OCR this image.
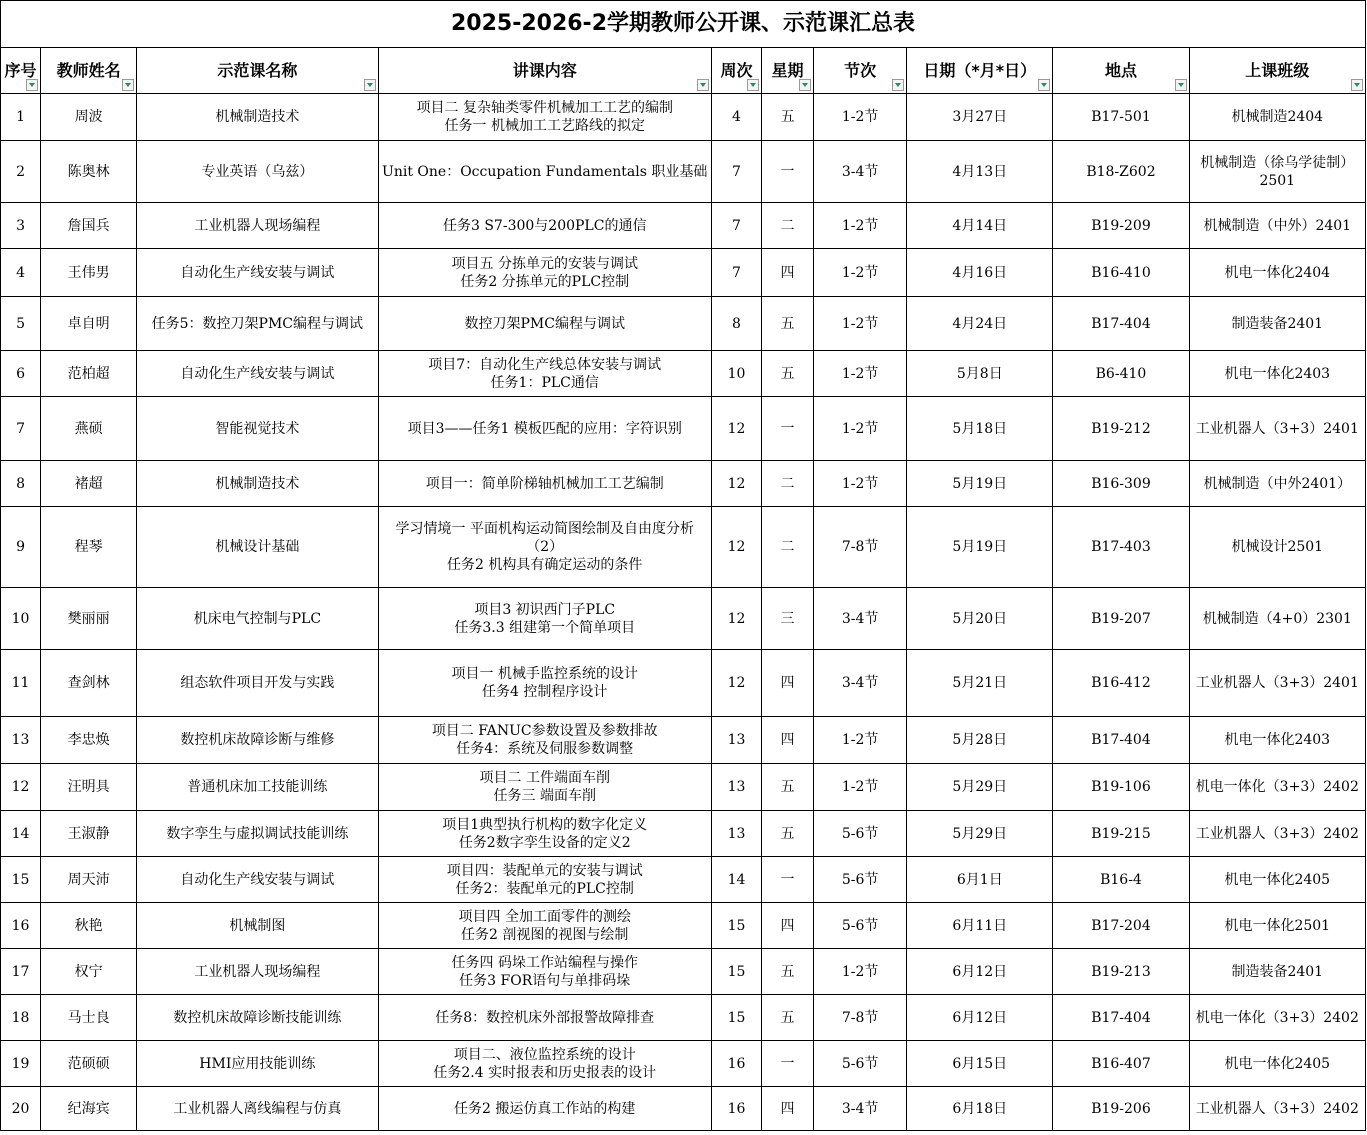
2025-2026-2学期教师公开课、示范课汇总表									
序号	教师姓名	示范课名称	讲课内容	周次	星期	节次	日期（*月*日）	地点	上课班级

1	周波	机械制造技术	项目二 复杂轴类零件机械加工工艺的编制
任务一 机械加工工艺路线的拟定	4	五	1-2节	3月27日	B17-501	机械制造2404
2	陈奥林	专业英语（乌兹）	Unit One：Occupation Fundamentals 职业基础	7	一	3-4节	4月13日	B18-Z602	机械制造（徐乌学徒制）2501
3	詹国兵	工业机器人现场编程	任务3 S7-300与200PLC的通信	7	二	1-2节	4月14日	B19-209	机械制造（中外）2401
4	王伟男	自动化生产线安装与调试	项目五 分拣单元的安装与调试
任务2 分拣单元的PLC控制	7	四	1-2节	4月16日	B16-410	机电一体化2404
5	卓自明	任务5：数控刀架PMC编程与调试	数控刀架PMC编程与调试	8	五	1-2节	4月24日	B17-404	制造装备2401
6	范柏超	自动化生产线安装与调试	项目7：自动化生产线总体安装与调试
任务1：PLC通信	10	五	1-2节	5月8日	B6-410	机电一体化2403
7	燕硕	智能视觉技术	项目3——任务1 模板匹配的应用：字符识别	12	一	1-2节	5月18日	B19-212	工业机器人（3+3）2401
8	褚超	机械制造技术	项目一：简单阶梯轴机械加工工艺编制	12	二	1-2节	5月19日	B16-309	机械制造（中外2401）
9	程琴	机械设计基础	学习情境一 平面机构运动简图绘制及自由度分析（2）
任务2 机构具有确定运动的条件	12	二	7-8节	5月19日	B17-403	机械设计2501
10	樊丽丽	机床电气控制与PLC	项目3 初识西门子PLC
任务3.3 组建第一个简单项目	12	三	3-4节	5月20日	B19-207	机械制造（4+0）2301
11	查剑林	组态软件项目开发与实践	项目一 机械手监控系统的设计
任务4 控制程序设计	12	四	3-4节	5月21日	B16-412	工业机器人（3+3）2401
13	李忠焕	数控机床故障诊断与维修	项目二 FANUC参数设置及参数排故
任务4：系统及伺服参数调整	13	四	1-2节	5月28日	B17-404	机电一体化2403
12	汪明具	普通机床加工技能训练	项目二 工件端面车削
任务三 端面车削	13	五	1-2节	5月29日	B19-106	机电一体化（3+3）2402
14	王淑静	数字孪生与虚拟调试技能训练	项目1典型执行机构的数字化定义
任务2数字孪生设备的定义2	13	五	5-6节	5月29日	B19-215	工业机器人（3+3）2402
15	周天沛	自动化生产线安装与调试	项目四：装配单元的安装与调试
任务2：装配单元的PLC控制	14	一	5-6节	6月1日	B16-4	机电一体化2405
16	秋艳	机械制图	项目四 全加工面零件的测绘
任务2 剖视图的视图与绘制	15	四	5-6节	6月11日	B17-204	机电一体化2501
17	权宁	工业机器人现场编程	任务四 码垛工作站编程与操作
任务3 FOR语句与单排码垛	15	五	1-2节	6月12日	B19-213	制造装备2401
18	马士良	数控机床故障诊断技能训练	任务8：数控机床外部报警故障排查	15	五	7-8节	6月12日	B17-404	机电一体化（3+3）2402
19	范硕硕	HMI应用技能训练	项目二、液位监控系统的设计
任务2.4 实时报表和历史报表的设计	16	一	5-6节	6月15日	B16-407	机电一体化2405
20	纪海宾	工业机器人离线编程与仿真	任务2 搬运仿真工作站的构建	16	四	3-4节	6月18日	B19-206	工业机器人（3+3）2402
